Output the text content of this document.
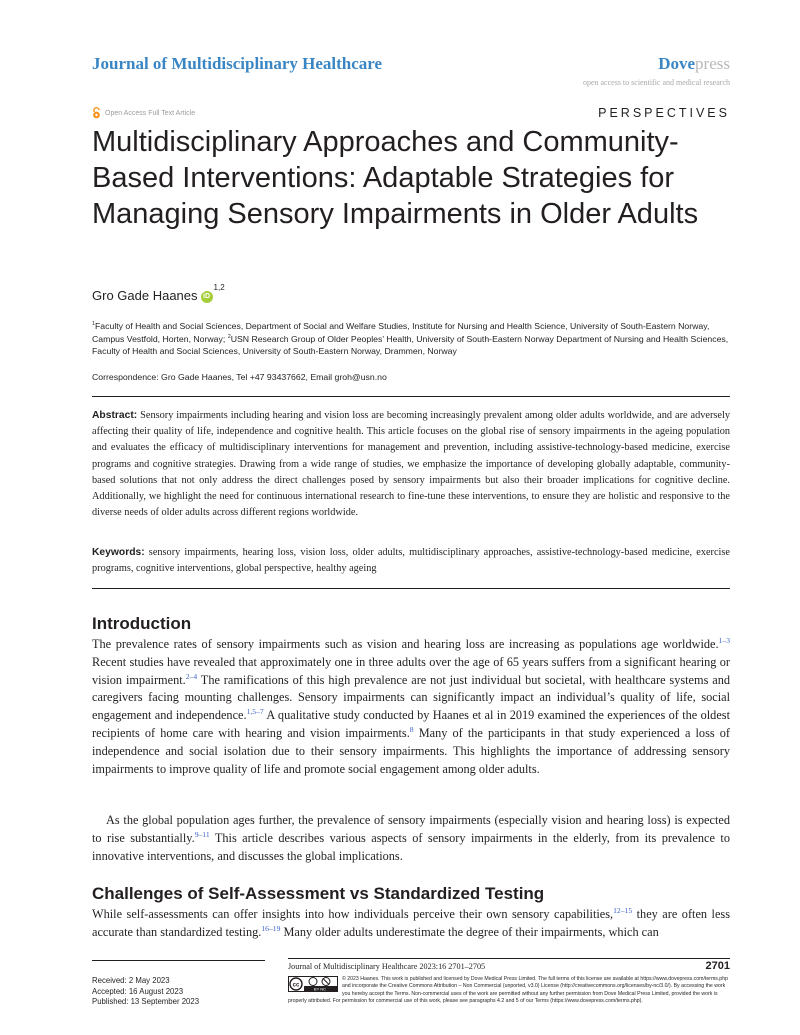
Journal of Multidisciplinary Healthcare	Dovepress
open access to scientific and medical research
Open Access Full Text Article	PERSPECTIVES
Multidisciplinary Approaches and Community-Based Interventions: Adaptable Strategies for Managing Sensory Impairments in Older Adults
Gro Gade Haanes iD
1,2
$^1$Faculty of Health and Social Sciences, Department of Social and Welfare Studies, Institute for Nursing and Health Science, University of South-Eastern Norway, Campus Vestfold, Horten, Norway; $^2$USN Research Group of Older Peoples’ Health, University of South-Eastern Norway Department of Nursing and Health Sciences, Faculty of Health and Social Sciences, University of South-Eastern Norway, Drammen, Norway
Correspondence: Gro Gade Haanes, Tel +47 93437662, Email groh@usn.no
Abstract: Sensory impairments including hearing and vision loss are becoming increasingly prevalent among older adults worldwide, and are adversely affecting their quality of life, independence and cognitive health. This article focuses on the global rise of sensory impairments in the ageing population and evaluates the efficacy of multidisciplinary interventions for management and prevention, including assistive-technology-based medicine, exercise programs and cognitive strategies. Drawing from a wide range of studies, we emphasize the importance of developing globally adaptable, community-based solutions that not only address the direct challenges posed by sensory impairments but also their broader implications for cognitive decline. Additionally, we highlight the need for continuous international research to fine-tune these interventions, to ensure they are holistic and responsive to the diverse needs of older adults across different regions worldwide.
Keywords: sensory impairments, hearing loss, vision loss, older adults, multidisciplinary approaches, assistive-technology-based medicine, exercise programs, cognitive interventions, global perspective, healthy ageing
Introduction

The prevalence rates of sensory impairments such as vision and hearing loss are increasing as populations age worldwide.$^{1-3}$ Recent studies have revealed that approximately one in three adults over the age of 65 years suffers from a significant hearing or vision impairment.$^{2-4}$ The ramifications of this high prevalence are not just individual but societal, with healthcare systems and caregivers facing mounting challenges. Sensory impairments can significantly impact an individual’s quality of life, social engagement and independence.$^{1,5-7}$ A qualitative study conducted by Haanes et al in 2019 examined the experiences of the oldest recipients of home care with hearing and vision impairments.$^8$ Many of the participants in that study experienced a loss of independence and social isolation due to their sensory impairments. This highlights the importance of addressing sensory impairments to improve quality of life and promote social engagement among older adults.

As the global population ages further, the prevalence of sensory impairments (especially vision and hearing loss) is expected to rise substantially.$^{9-11}$ This article describes various aspects of sensory impairments in the elderly, from its prevalence to innovative interventions, and discusses the global implications.

Challenges of Self-Assessment vs Standardized Testing

While self-assessments can offer insights into how individuals perceive their own sensory capabilities,$^{12-15}$ they are often less accurate than standardized testing.$^{16-19}$ Many older adults underestimate the degree of their impairments, which can

Received: 2 May 2023
Accepted: 16 August 2023
Published: 13 September 2023
Journal of Multidisciplinary Healthcare 2023:16 2701–2705	2701
cc
BY NC
© 2023 Haanes. This work is published and licensed by Dove Medical Press Limited. The full terms of this license are available at https://www.dovepress.com/terms.php and incorporate the Creative Commons Attribution – Non Commercial (unported, v3.0) License (http://creativecommons.org/licenses/by-nc/3.0/). By accessing the work you hereby accept the Terms. Non-commercial uses of the work are permitted without any further permission from Dove Medical Press Limited, provided the work is properly attributed. For permission for commercial use of this work, please see paragraphs 4.2 and 5 of our Terms (https://www.dovepress.com/terms.php).
